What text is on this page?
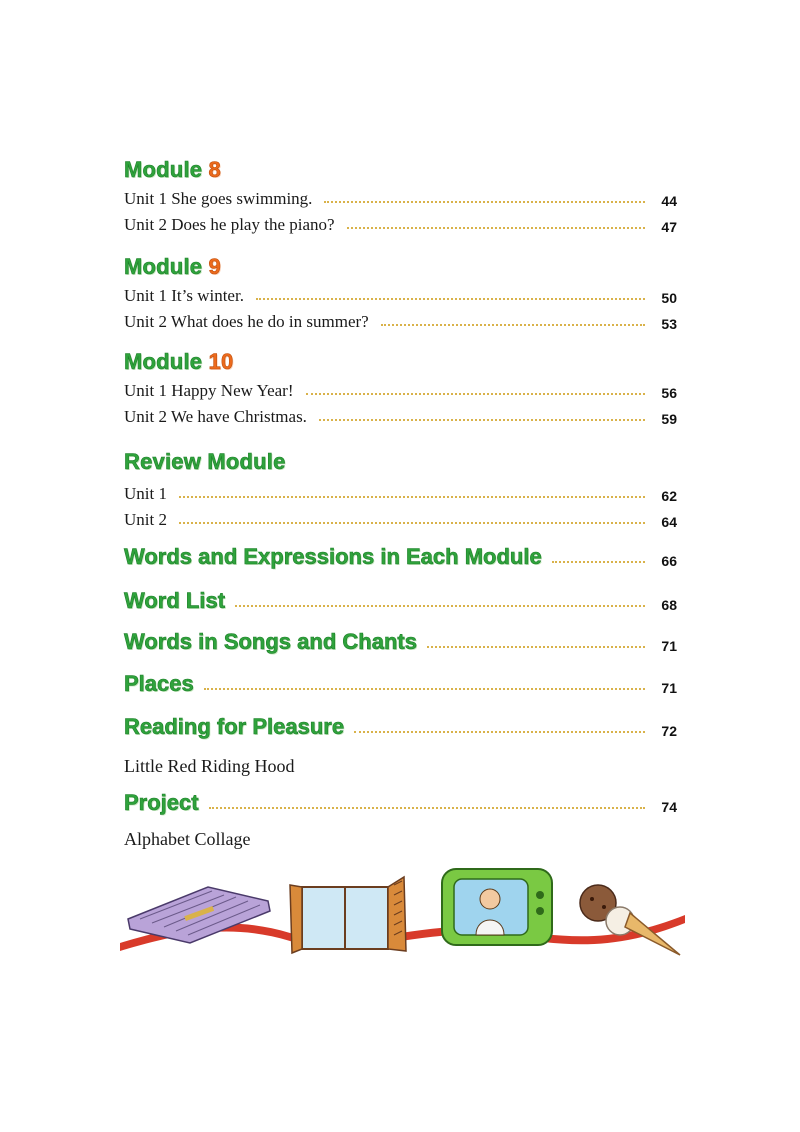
Module 8
Unit 1 She goes swimming.	44
Unit 2 Does he play the piano?	47
Module 9
Unit 1 It’s winter.	50
Unit 2 What does he do in summer?	53
Module 10
Unit 1 Happy New Year!	56
Unit 2 We have Christmas.	59
Review Module
Unit 1	62
Unit 2	64
Words and Expressions in Each Module	66
Word List	68
Words in Songs and Chants	71
Places	71
Reading for Pleasure	72
Little Red Riding Hood
Project	74
Alphabet Collage
